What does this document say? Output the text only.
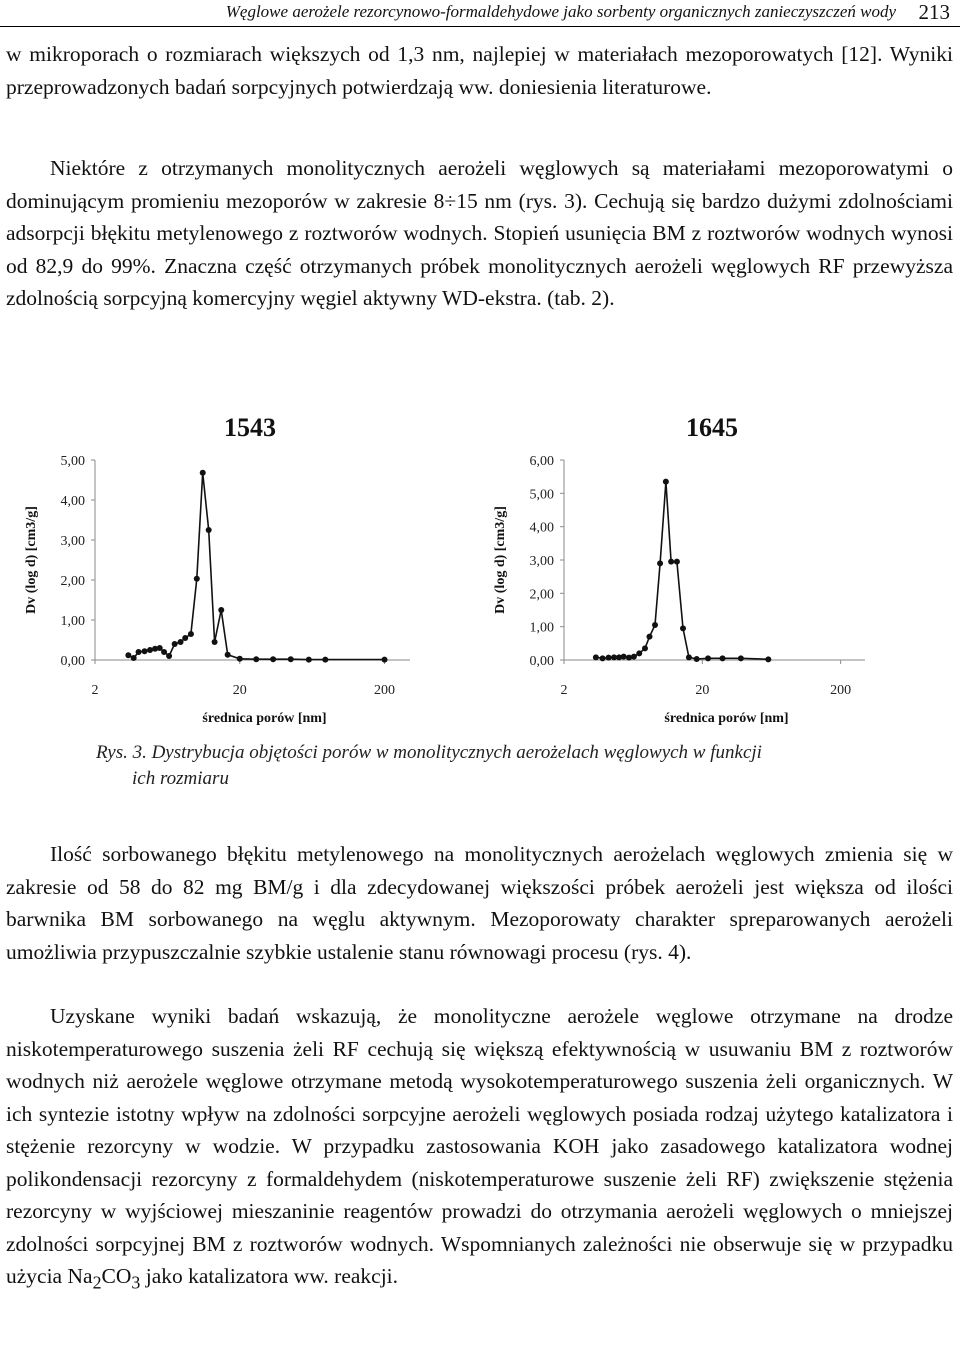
Węglowe aerożele rezorcynowo-formaldehydowe jako sorbenty organicznych zanieczyszczeń wody 213
w mikroporach o rozmiarach większych od 1,3 nm, najlepiej w materiałach mezoporowatych [12]. Wyniki przeprowadzonych badań sorpcyjnych potwierdzają ww. doniesienia literaturowe.
Niektóre z otrzymanych monolitycznych aerożeli węglowych są materiałami mezoporowatymi o dominującym promieniu mezoporów w zakresie 8÷15 nm (rys. 3). Cechują się bardzo dużymi zdolnościami adsorpcji błękitu metylenowego z roztworów wodnych. Stopień usunięcia BM z roztworów wodnych wynosi od 82,9 do 99%. Znaczna część otrzymanych próbek monolitycznych aerożeli węglowych RF przewyższa zdolnością sorpcyjną komercyjny węgiel aktywny WD-ekstra. (tab. 2).
1543
0,00
1,00
2,00
3,00
4,00
5,00
2	20	200
średnica porów [nm]
Dv (log d) [cm3/g]
1645
0,00
1,00
2,00
3,00
4,00
5,00
6,00
2	20	200
średnica porów [nm]
Dv (log d) [cm3/g]
Rys. 3. Dystrybucja objętości porów w monolitycznych aerożelach węglowych w funkcji
ich rozmiaru
Ilość sorbowanego błękitu metylenowego na monolitycznych aerożelach węglowych zmienia się w zakresie od 58 do 82 mg BM/g i dla zdecydowanej większości próbek aerożeli jest większa od ilości barwnika BM sorbowanego na węglu aktywnym. Mezoporowaty charakter spreparowanych aerożeli umożliwia przypuszczalnie szybkie ustalenie stanu równowagi procesu (rys. 4).
Uzyskane wyniki badań wskazują, że monolityczne aerożele węglowe otrzymane na drodze niskotemperaturowego suszenia żeli RF cechują się większą efektywnością w usuwaniu BM z roztworów wodnych niż aerożele węglowe otrzymane metodą wysokotemperaturowego suszenia żeli organicznych. W ich syntezie istotny wpływ na zdolności sorpcyjne aerożeli węglowych posiada rodzaj użytego katalizatora i stężenie rezorcyny w wodzie. W przypadku zastosowania KOH jako zasadowego katalizatora wodnej polikondensacji rezorcyny z formaldehydem (niskotemperaturowe suszenie żeli RF) zwiększenie stężenia rezorcyny w wyjściowej mieszaninie reagentów prowadzi do otrzymania aerożeli węglowych o mniejszej zdolności sorpcyjnej BM z roztworów wodnych. Wspomnianych zależności nie obserwuje się w przypadku użycia $Na_2CO_3$ jako katalizatora ww. reakcji.
